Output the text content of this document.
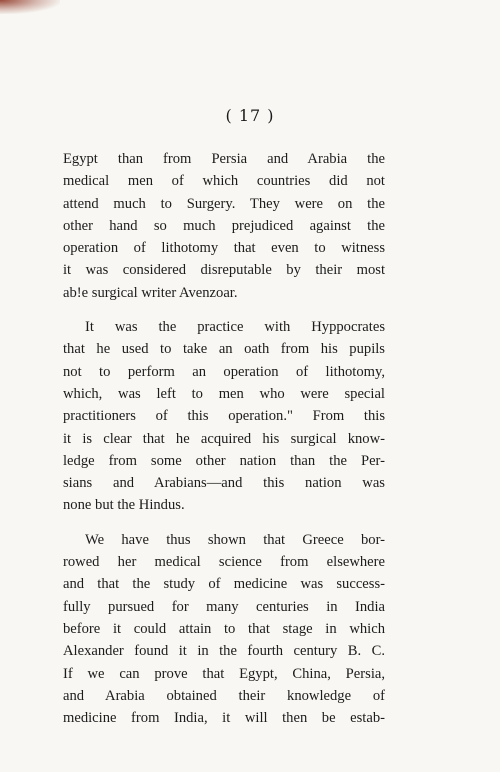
( 17 )
Egypt than from Persia and Arabia the
medical men of which countries did not
attend much to Surgery. They were on the
other hand so much prejudiced against the
operation of lithotomy that even to witness
it was considered disreputable by their most
ab!e surgical writer Avenzoar.
It was the practice with Hyppocrates
that he used to take an oath from his pupils
not to perform an operation of lithotomy,
which, was left to men who were special
practitioners of this operation." From this
it is clear that he acquired his surgical know-
ledge from some other nation than the Per-
sians and Arabians—and this nation was
none but the Hindus.
We have thus shown that Greece bor-
rowed her medical science from elsewhere
and that the study of medicine was success-
fully pursued for many centuries in India
before it could attain to that stage in which
Alexander found it in the fourth century B. C.
If we can prove that Egypt, China, Persia,
and Arabia obtained their knowledge of
medicine from India, it will then be estab-
